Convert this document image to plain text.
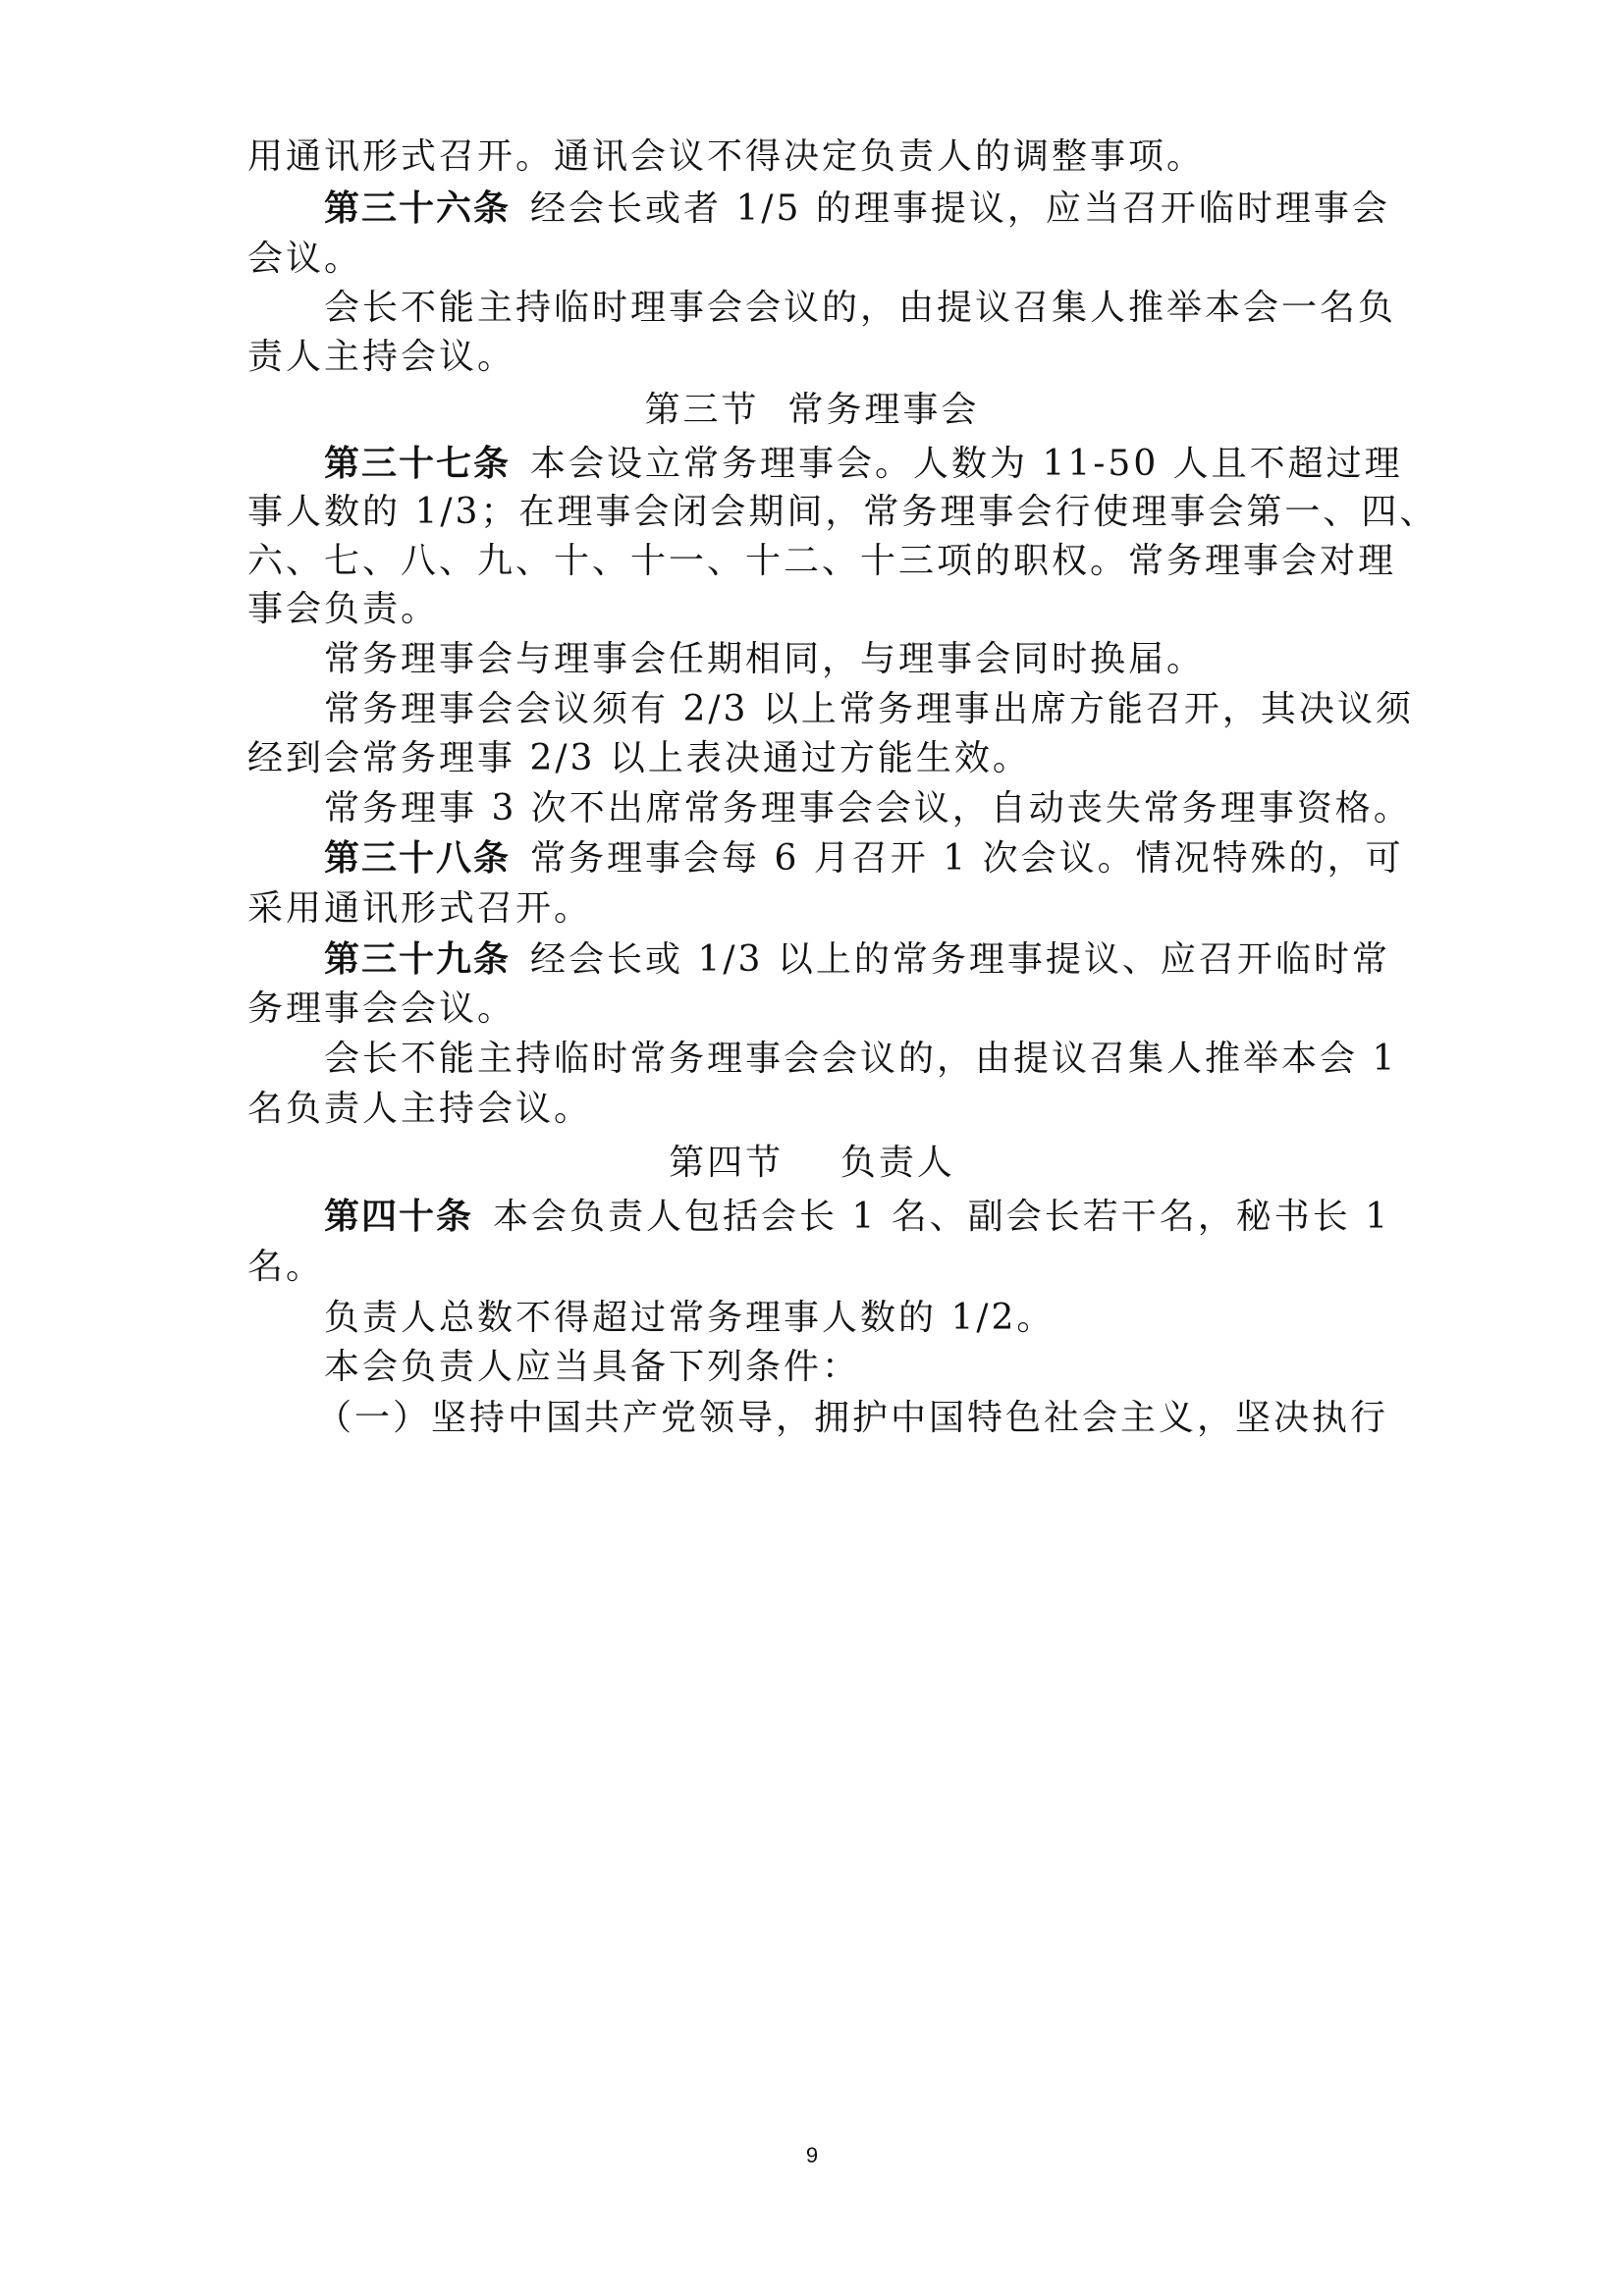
用通讯形式召开。通讯会议不得决定负责人的调整事项。
第三十六条 经会长或者 1/5 的理事提议，应当召开临时理事会
会议。
会长不能主持临时理事会会议的，由提议召集人推举本会一名负
责人主持会议。
第三节  常务理事会
第三十七条 本会设立常务理事会。人数为 11-50 人且不超过理
事人数的 1/3；在理事会闭会期间，常务理事会行使理事会第一、四、
六、七、八、九、十、十一、十二、十三项的职权。常务理事会对理
事会负责。
常务理事会与理事会任期相同，与理事会同时换届。
常务理事会会议须有 2/3 以上常务理事出席方能召开，其决议须
经到会常务理事 2/3 以上表决通过方能生效。
常务理事 3 次不出席常务理事会会议，自动丧失常务理事资格。
第三十八条 常务理事会每 6 月召开 1 次会议。情况特殊的，可
采用通讯形式召开。
第三十九条 经会长或 1/3 以上的常务理事提议、应召开临时常
务理事会会议。
会长不能主持临时常务理事会会议的，由提议召集人推举本会 1
名负责人主持会议。
第四节    负责人
第四十条 本会负责人包括会长 1 名、副会长若干名，秘书长 1
名。
负责人总数不得超过常务理事人数的 1/2。
本会负责人应当具备下列条件：
（一）坚持中国共产党领导，拥护中国特色社会主义，坚决执行
9
